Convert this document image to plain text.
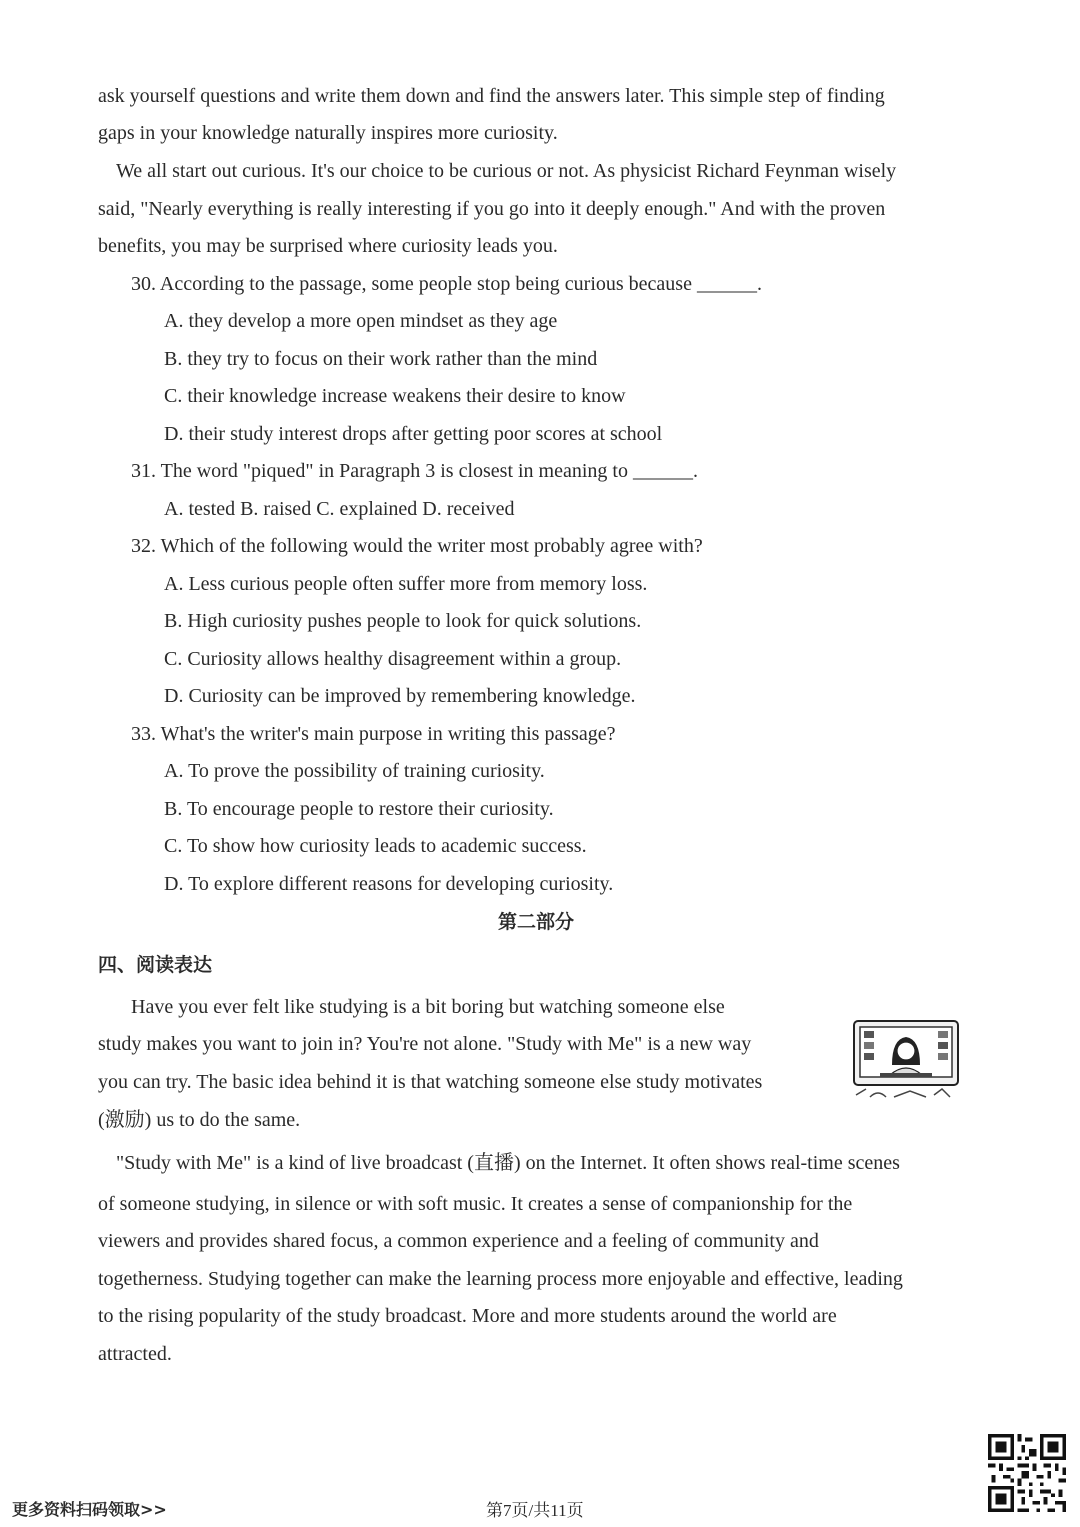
ask yourself questions and write them down and find the answers later. This simple step of finding
gaps in your knowledge naturally inspires more curiosity.
We all start out curious. It's our choice to be curious or not. As physicist Richard Feynman wisely
said, "Nearly everything is really interesting if you go into it deeply enough." And with the proven
benefits, you may be surprised where curiosity leads you.
30. According to the passage, some people stop being curious because ______.
A. they develop a more open mindset as they age
B. they try to focus on their work rather than the mind
C. their knowledge increase weakens their desire to know
D. their study interest drops after getting poor scores at school
31. The word "piqued" in Paragraph 3 is closest in meaning to ______.
A. tested B. raised C. explained D. received
32. Which of the following would the writer most probably agree with?
A. Less curious people often suffer more from memory loss.
B. High curiosity pushes people to look for quick solutions.
C. Curiosity allows healthy disagreement within a group.
D. Curiosity can be improved by remembering knowledge.
33. What's the writer's main purpose in writing this passage?
A. To prove the possibility of training curiosity.
B. To encourage people to restore their curiosity.
C. To show how curiosity leads to academic success.
D. To explore different reasons for developing curiosity.
第二部分
四、阅读表达
Have you ever felt like studying is a bit boring but watching someone else
study makes you want to join in? You're not alone. "Study with Me" is a new way
you can try. The basic idea behind it is that watching someone else study motivates
(激励) us to do the same.
"Study with Me" is a kind of live broadcast (直播) on the Internet. It often shows real-time scenes
of someone studying, in silence or with soft music. It creates a sense of companionship for the
viewers and provides shared focus, a common experience and a feeling of community and
togetherness. Studying together can make the learning process more enjoyable and effective, leading
to the rising popularity of the study broadcast. More and more students around the world are
attracted.
更多资料扫码领取>>	第7页/共11页
